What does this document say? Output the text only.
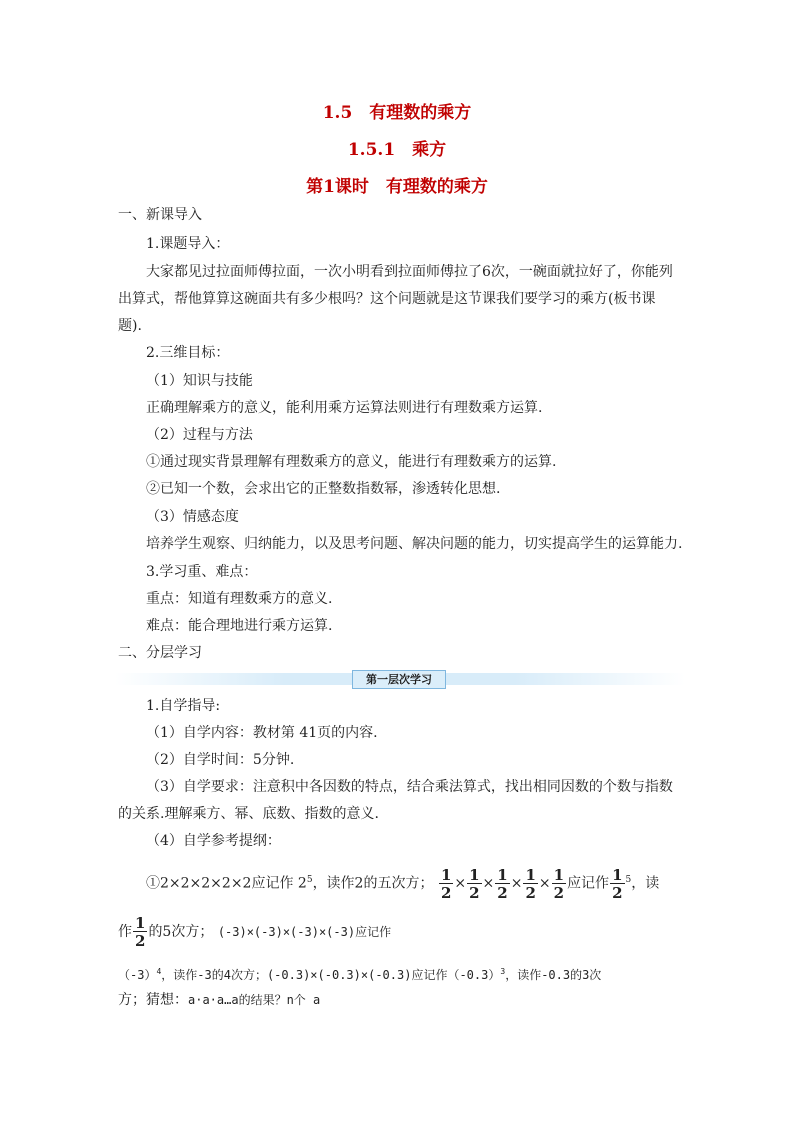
1.5　有理数的乘方
1.5.1　乘方
第1课时　有理数的乘方
一、新课导入
1.课题导入：
大家都见过拉面师傅拉面，一次小明看到拉面师傅拉了6次，一碗面就拉好了，你能列
出算式，帮他算算这碗面共有多少根吗？这个问题就是这节课我们要学习的乘方(板书课
题).
2.三维目标：
（1）知识与技能
正确理解乘方的意义，能利用乘方运算法则进行有理数乘方运算.
（2）过程与方法
①通过现实背景理解有理数乘方的意义，能进行有理数乘方的运算.
②已知一个数，会求出它的正整数指数幂，渗透转化思想.
（3）情感态度
培养学生观察、归纳能力，以及思考问题、解决问题的能力，切实提高学生的运算能力.
3.学习重、难点：
重点：知道有理数乘方的意义.
难点：能合理地进行乘方运算.
二、分层学习
第一层次学习
1.自学指导:
（1）自学内容：教材第 41页的内容.
（2）自学时间：5分钟.
（3）自学要求：注意积中各因数的特点，结合乘法算式，找出相同因数的个数与指数
的关系.理解乘方、幂、底数、指数的意义.
（4）自学参考提纲：
①2×2×2×2×2应记作 $2^5$，读作2的五次方； $\frac{1}{2} \times \frac{1}{2} \times \frac{1}{2} \times \frac{1}{2} \times \frac{1}{2}$ 应记作 $\frac{1}{2} ^5$，读
作 $\frac{1}{2}$ 的5次方； (-3)×(-3)×(-3)×(-3)应记作
$(-3)^4$，读作-3的4次方；(-0.3)×(-0.3)×(-0.3)应记作$(-0.3)^3$，读作-0.3的3次
方；猜想：a·a·a…a的结果？n个 a
